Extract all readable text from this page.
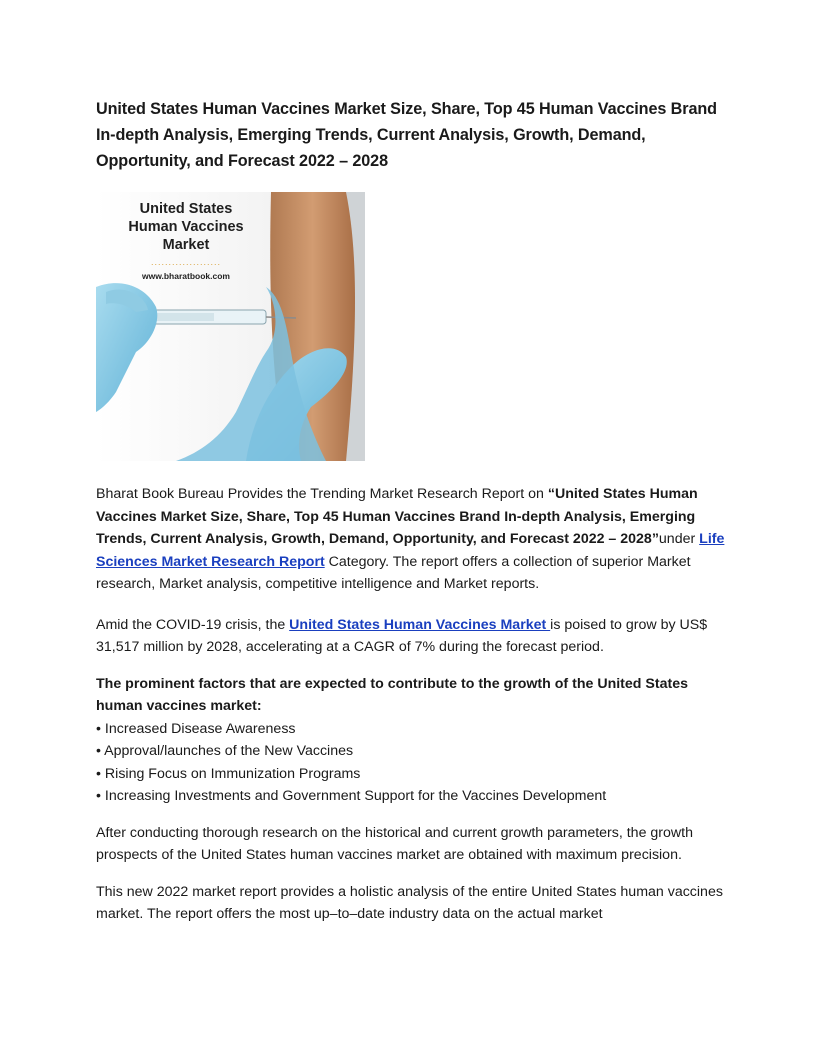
United States Human Vaccines Market Size, Share, Top 45 Human Vaccines Brand In-depth Analysis, Emerging Trends, Current Analysis, Growth, Demand, Opportunity, and Forecast 2022 – 2028
United States
Human Vaccines
Market
....................
www.bharatbook.com

Bharat Book Bureau Provides the Trending Market Research Report on “United States Human Vaccines Market Size, Share, Top 45 Human Vaccines Brand In-depth Analysis, Emerging Trends, Current Analysis, Growth, Demand, Opportunity, and Forecast 2022 – 2028”under Life Sciences Market Research Report Category. The report offers a collection of superior Market research, Market analysis, competitive intelligence and Market reports.

Amid the COVID-19 crisis, the United States Human Vaccines Market is poised to grow by US$ 31,517 million by 2028, accelerating at a CAGR of 7% during the forecast period.

The prominent factors that are expected to contribute to the growth of the United States human vaccines market:

• Increased Disease Awareness
• Approval/launches of the New Vaccines
• Rising Focus on Immunization Programs
• Increasing Investments and Government Support for the Vaccines Development

After conducting thorough research on the historical and current growth parameters, the growth prospects of the United States human vaccines market are obtained with maximum precision.

This new 2022 market report provides a holistic analysis of the entire United States human vaccines market. The report offers the most up–to–date industry data on the actual market
